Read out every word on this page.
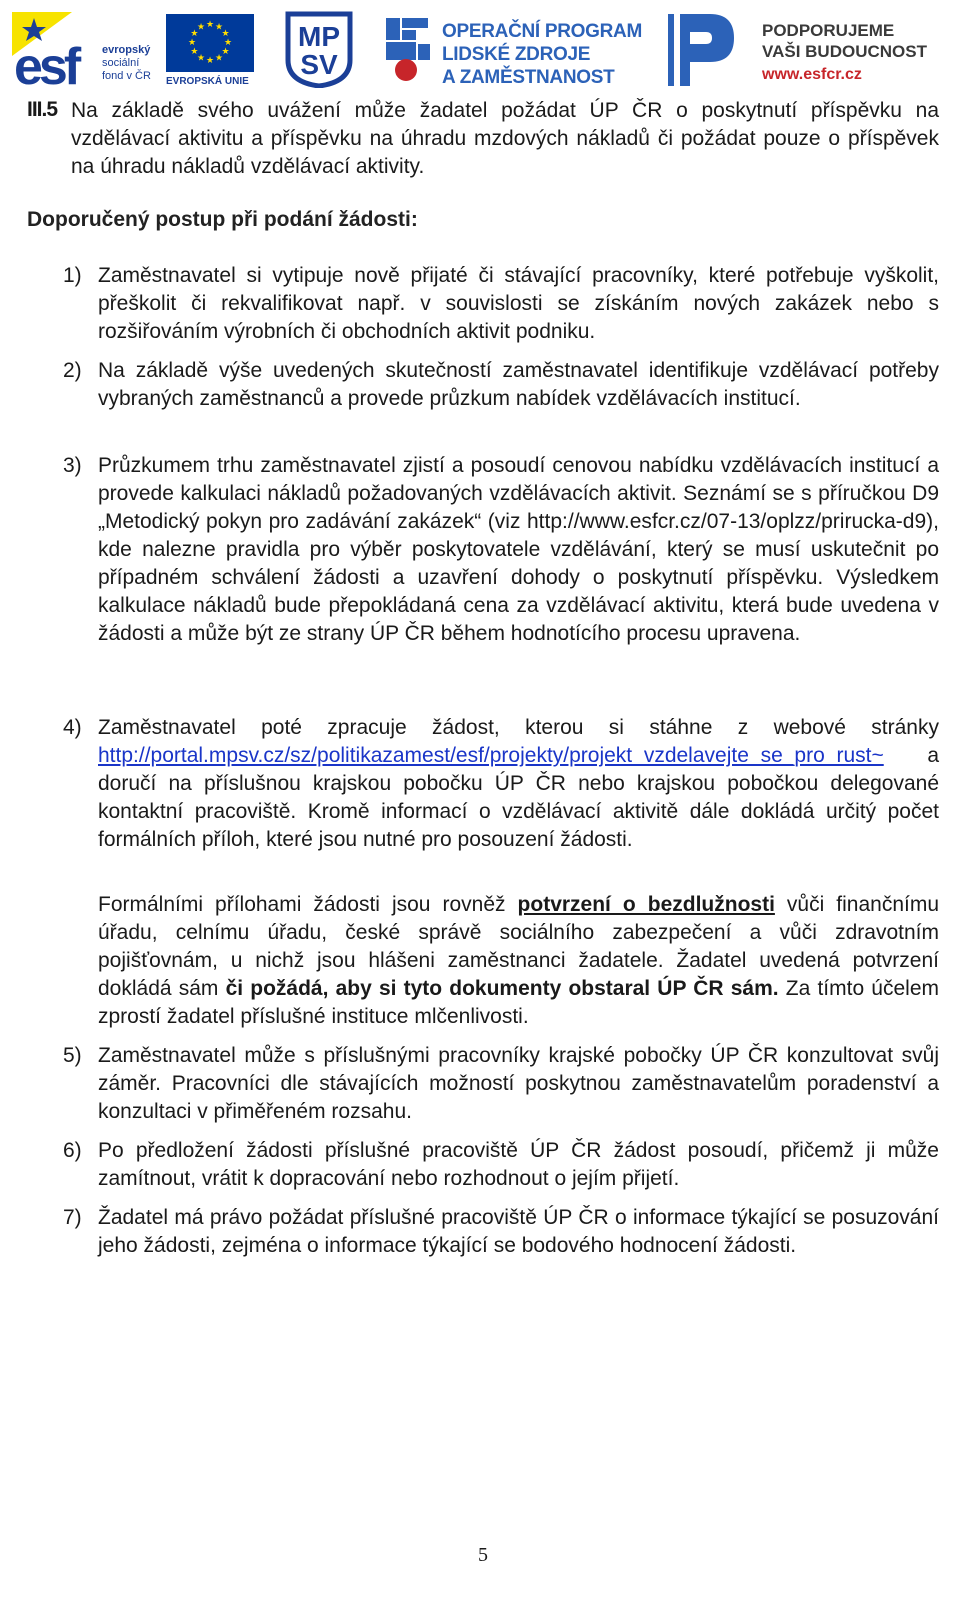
esf	evropský
sociální
fond v ČR
★ ★
★
★
★
★
★
★
★
★
★
★
EVROPSKÁ UNIE
MP
SV
OPERAČNÍ PROGRAM
LIDSKÉ ZDROJE
A ZAMĚSTNANOST
PODPORUJEME
VAŠI BUDOUCNOST
www.esfcr.cz
III.5 Na základě svého uvážení může žadatel požádat ÚP ČR o poskytnutí příspěvku na vzdělávací aktivitu a příspěvku na úhradu mzdových nákladů či požádat pouze o příspěvek na úhradu nákladů vzdělávací aktivity.
Doporučený postup při podání žádosti:
1) Zaměstnavatel si vytipuje nově přijaté či stávající pracovníky, které potřebuje vyškolit, přeškolit či rekvalifikovat např. v souvislosti se získáním nových zakázek nebo s rozšiřováním výrobních či obchodních aktivit podniku.
2) Na základě výše uvedených skutečností zaměstnavatel identifikuje vzdělávací potřeby vybraných zaměstnanců a provede průzkum nabídek vzdělávacích institucí.
3) Průzkumem trhu zaměstnavatel zjistí a posoudí cenovou nabídku vzdělávacích institucí a provede kalkulaci nákladů požadovaných vzdělávacích aktivit. Seznámí se s příručkou D9 „Metodický pokyn pro zadávání zakázek“ (viz http://www.esfcr.cz/07-13/oplzz/prirucka-d9), kde nalezne pravidla pro výběr poskytovatele vzdělávání, který se musí uskutečnit po případném schválení žádosti a uzavření dohody o poskytnutí příspěvku. Výsledkem kalkulace nákladů bude přepokládaná cena za vzdělávací aktivitu, která bude uvedena v žádosti a může být ze strany ÚP ČR během hodnotícího procesu upravena.
4) Zaměstnavatel poté zpracuje žádost, kterou si stáhne z webové stránky http://portal.mpsv.cz/sz/politikazamest/esf/projekty/projekt_vzdelavejte_se_pro_rust~ a doručí na příslušnou krajskou pobočku ÚP ČR nebo krajskou pobočkou delegované kontaktní pracoviště. Kromě informací o vzdělávací aktivitě dále dokládá určitý počet formálních příloh, které jsou nutné pro posouzení žádosti.
Formálními přílohami žádosti jsou rovněž potvrzení o bezdlužnosti vůči finančnímu úřadu, celnímu úřadu, české správě sociálního zabezpečení a vůči zdravotním pojišťovnám, u nichž jsou hlášeni zaměstnanci žadatele. Žadatel uvedená potvrzení dokládá sám či požádá, aby si tyto dokumenty obstaral ÚP ČR sám. Za tímto účelem zprostí žadatel příslušné instituce mlčenlivosti.
5) Zaměstnavatel může s příslušnými pracovníky krajské pobočky ÚP ČR konzultovat svůj záměr. Pracovníci dle stávajících možností poskytnou zaměstnavatelům poradenství a konzultaci v přiměřeném rozsahu.
6) Po předložení žádosti příslušné pracoviště ÚP ČR žádost posoudí, přičemž ji může zamítnout, vrátit k dopracování nebo rozhodnout o jejím přijetí.
7) Žadatel má právo požádat příslušné pracoviště ÚP ČR o informace týkající se posuzování jeho žádosti, zejména o informace týkající se bodového hodnocení žádosti.
5
